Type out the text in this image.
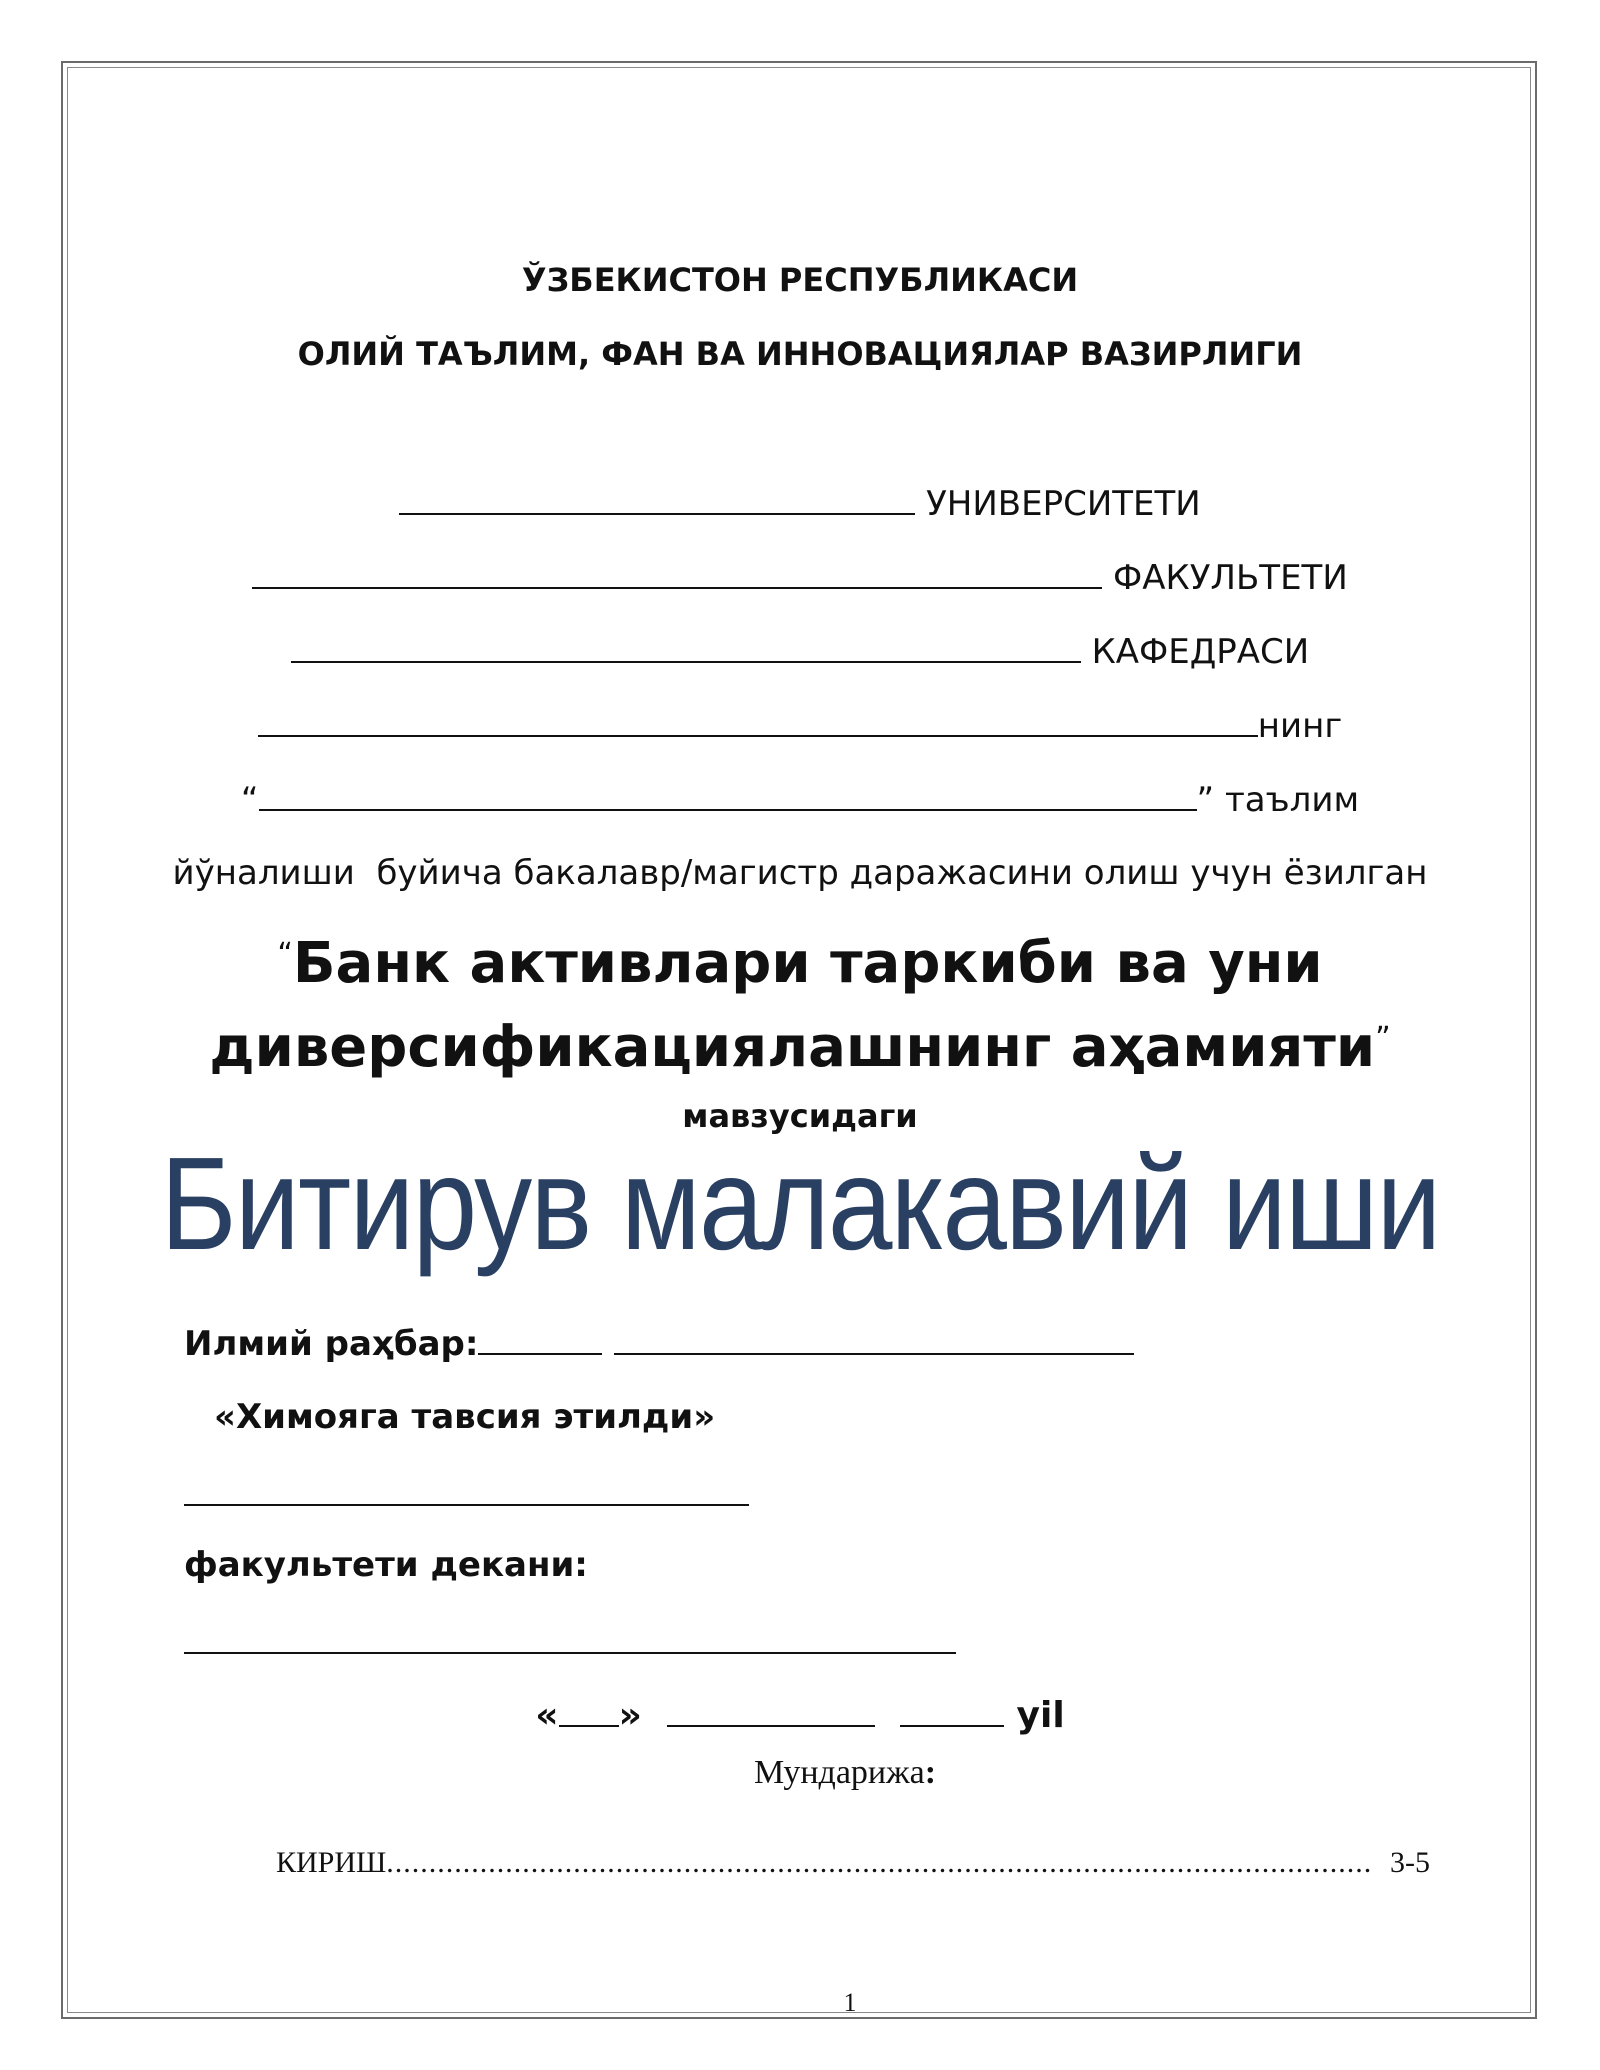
ЎЗБЕКИСТОН РЕСПУБЛИКАСИ
ОЛИЙ ТАЪЛИМ, ФАН ВА ИННОВАЦИЯЛАР ВАЗИРЛИГИ
УНИВЕРСИТЕТИ
ФАКУЛЬТЕТИ
КАФЕДРАСИ
нинг
“	” таълим
йўналиши  буйича бакалавр/магистр даражасини олиш учун ёзилган
“Банк активлари таркиби ва уни
диверсификациялашнинг аҳамияти”
мавзусидаги
Битирув малакавий иши
Илмий раҳбар:
«Химояга тавсия этилди»
факультети декани:
« »	yil
Мундарижа:
КИРИШ .................................................................................................................... 3-5
1
